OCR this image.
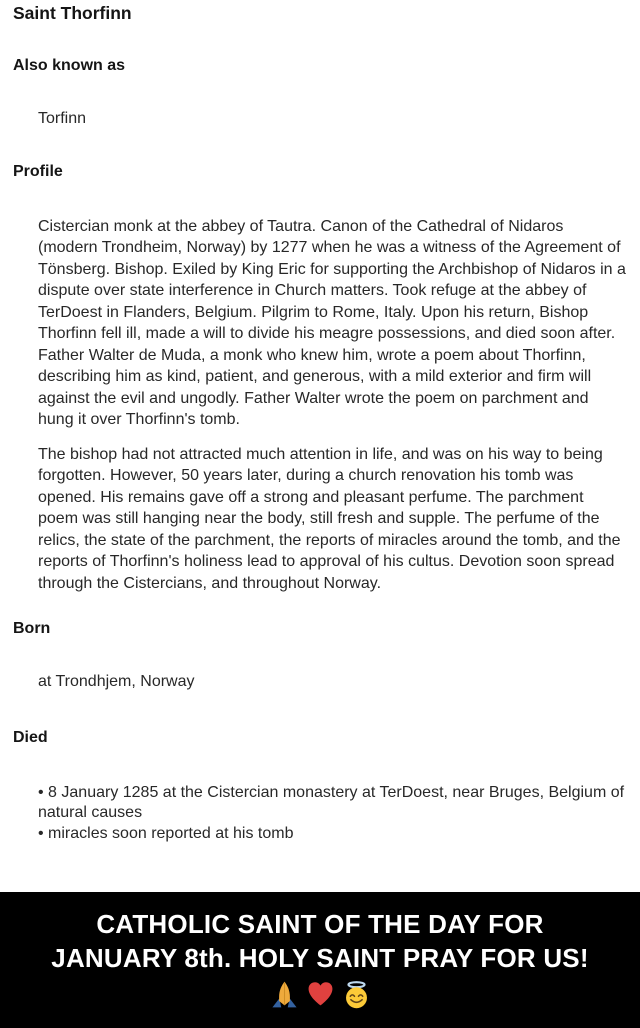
Saint Thorfinn
Also known as
Torfinn
Profile
Cistercian monk at the abbey of Tautra. Canon of the Cathedral of Nidaros (modern Trondheim, Norway) by 1277 when he was a witness of the Agreement of Tönsberg. Bishop. Exiled by King Eric for supporting the Archbishop of Nidaros in a dispute over state interference in Church matters. Took refuge at the abbey of TerDoest in Flanders, Belgium. Pilgrim to Rome, Italy. Upon his return, Bishop Thorfinn fell ill, made a will to divide his meagre possessions, and died soon after. Father Walter de Muda, a monk who knew him, wrote a poem about Thorfinn, describing him as kind, patient, and generous, with a mild exterior and firm will against the evil and ungodly. Father Walter wrote the poem on parchment and hung it over Thorfinn's tomb.
The bishop had not attracted much attention in life, and was on his way to being forgotten. However, 50 years later, during a church renovation his tomb was opened. His remains gave off a strong and pleasant perfume. The parchment poem was still hanging near the body, still fresh and supple. The perfume of the relics, the state of the parchment, the reports of miracles around the tomb, and the reports of Thorfinn's holiness lead to approval of his cultus. Devotion soon spread through the Cistercians, and throughout Norway.
Born
at Trondhjem, Norway
Died
• 8 January 1285 at the Cistercian monastery at TerDoest, near Bruges, Belgium of natural causes
• miracles soon reported at his tomb
CATHOLIC SAINT OF THE DAY FOR
JANUARY 8th. HOLY SAINT PRAY FOR US!
